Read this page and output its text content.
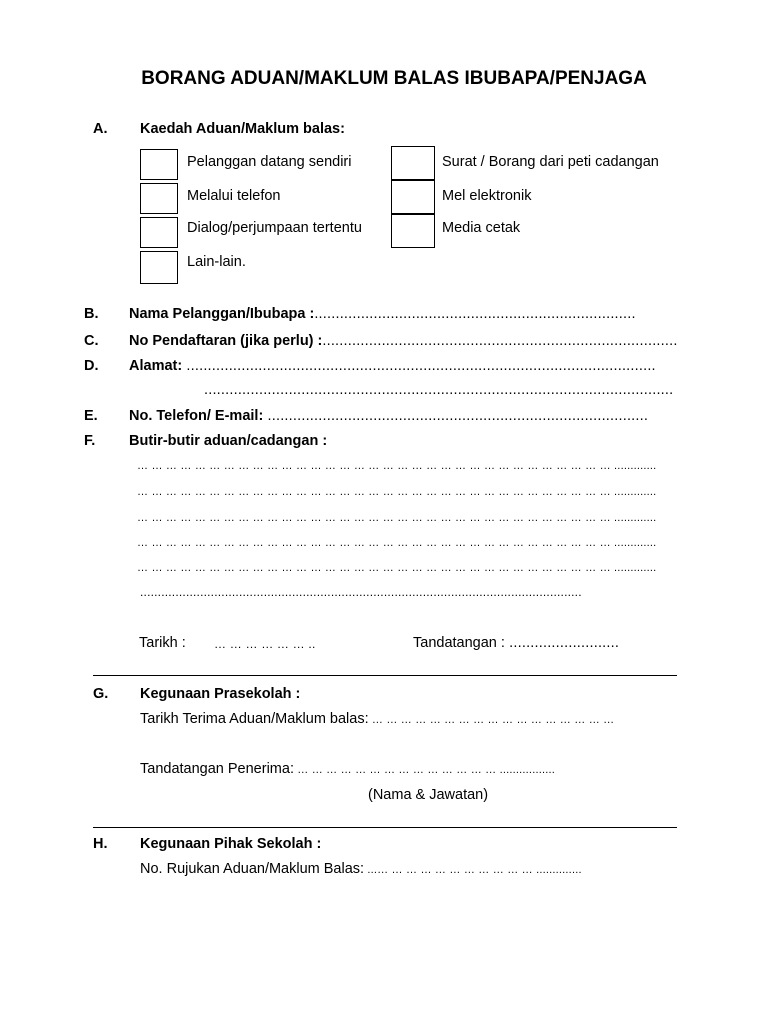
BORANG ADUAN/MAKLUM BALAS IBUBAPA/PENJAGA
A. Kaedah Aduan/Maklum balas:
Pelanggan datang sendiri
Melalui telefon
Dialog/perjumpaan tertentu
Lain-lain.
Surat / Borang dari peti cadangan
Mel elektronik
Media cetak
B. Nama Pelanggan/Ibubapa :............................................................................
C. No Pendaftaran (jika perlu) :....................................................................................
D. Alamat: ...............................................................................................................
...............................................................................................................
E. No. Telefon/ E-mail: ..........................................................................................
F. Butir-butir aduan/cadangan :
… … … … … … … … … … … … … … … … … … … … … … … … … … … … … … … … … .............
… … … … … … … … … … … … … … … … … … … … … … … … … … … … … … … … … .............
… … … … … … … … … … … … … … … … … … … … … … … … … … … … … … … … … .............
… … … … … … … … … … … … … … … … … … … … … … … … … … … … … … … … … .............
… … … … … … … … … … … … … … … … … … … … … … … … … … … … … … … … … .............
.............................................................................................................................
Tarikh : … … … … … … ..	Tandatangan : ..........................
G. Kegunaan Prasekolah :
Tarikh Terima Aduan/Maklum balas: … … … … … … … … … … … … … … … … …
Tandatangan Penerima: … … … … … … … … … … … … … … .................
(Nama & Jawatan)
H. Kegunaan Pihak Sekolah :
No. Rujukan Aduan/Maklum Balas: ...… … … … … … … … … … … ..............
